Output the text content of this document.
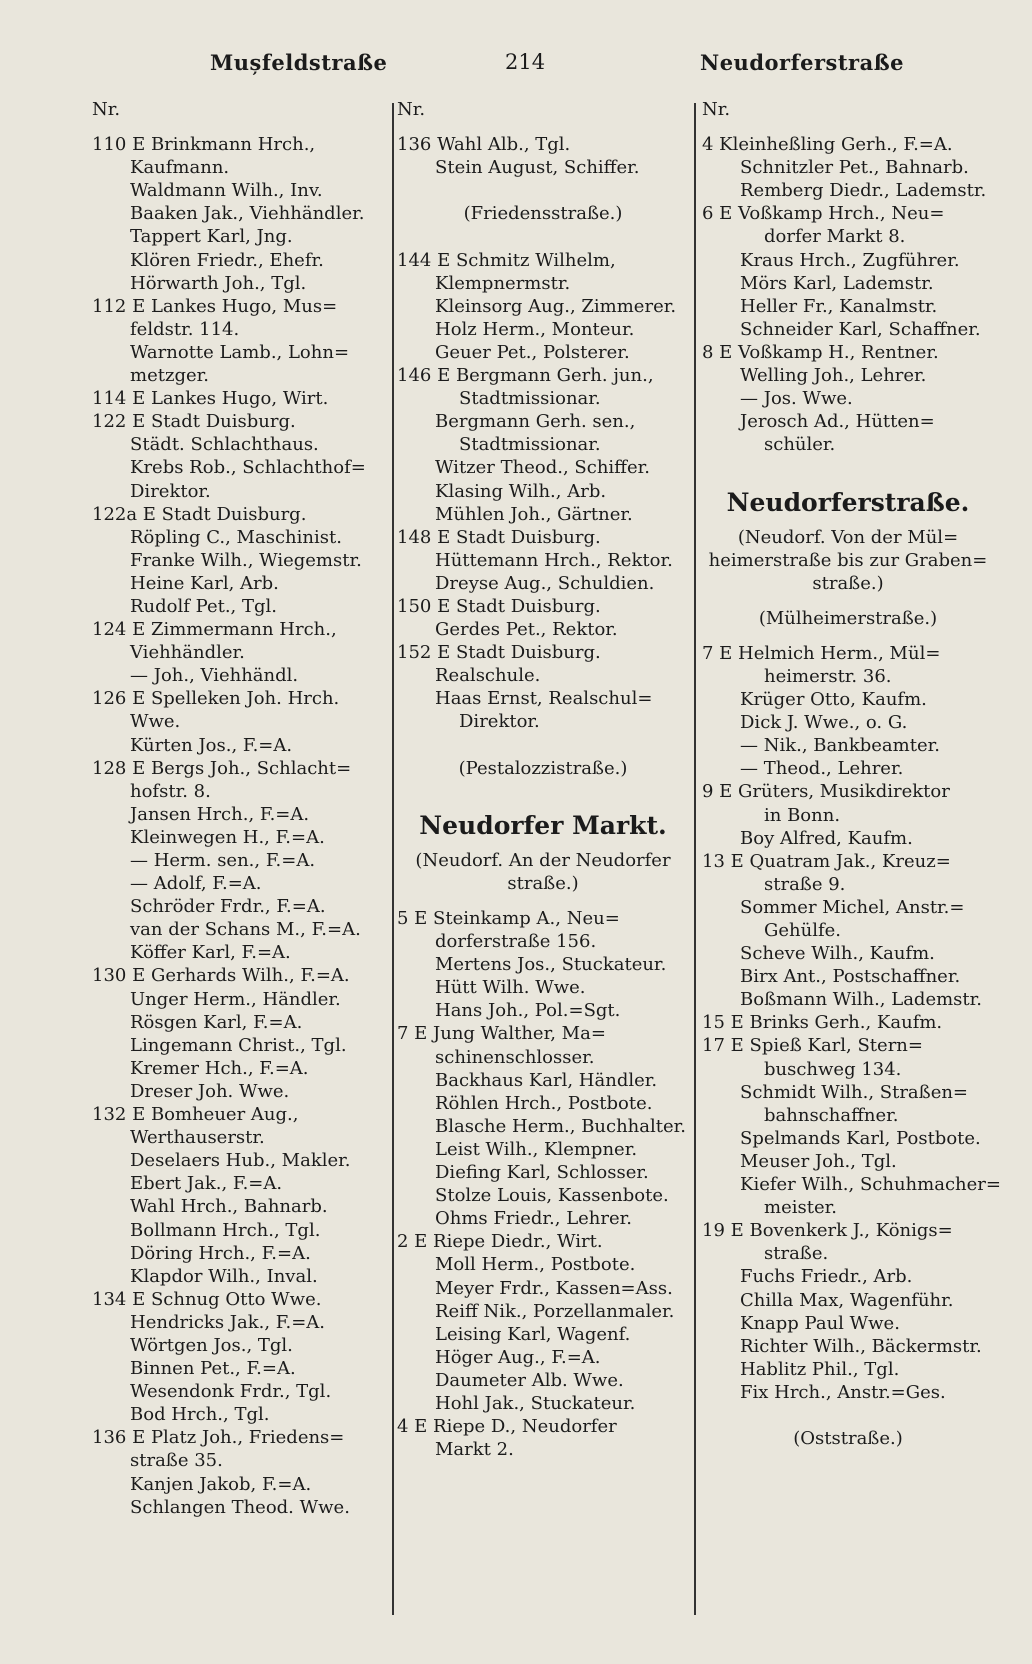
Mușfeldstraße	214	Neudorferstraße
Nr.
110 E Brinkmann Hrch.,
Kaufmann.
Waldmann Wilh., Inv.
Baaken Jak., Viehhändler.
Tappert Karl, Jng.
Klören Friedr., Ehefr.
Hörwarth Joh., Tgl.
112 E Lankes Hugo, Mus=
feldstr. 114.
Warnotte Lamb., Lohn=
metzger.
114 E Lankes Hugo, Wirt.
122 E Stadt Duisburg.
Städt. Schlachthaus.
Krebs Rob., Schlachthof=
Direktor.
122a E Stadt Duisburg.
Röpling C., Maschinist.
Franke Wilh., Wiegemstr.
Heine Karl, Arb.
Rudolf Pet., Tgl.
124 E Zimmermann Hrch.,
Viehhändler.
— Joh., Viehhändl.
126 E Spelleken Joh. Hrch.
Wwe.
Kürten Jos., F.=A.
128 E Bergs Joh., Schlacht=
hofstr. 8.
Jansen Hrch., F.=A.
Kleinwegen H., F.=A.
— Herm. sen., F.=A.
— Adolf, F.=A.
Schröder Frdr., F.=A.
van der Schans M., F.=A.
Köffer Karl, F.=A.
130 E Gerhards Wilh., F.=A.
Unger Herm., Händler.
Rösgen Karl, F.=A.
Lingemann Christ., Tgl.
Kremer Hch., F.=A.
Dreser Joh. Wwe.
132 E Bomheuer Aug.,
Werthauserstr.
Deselaers Hub., Makler.
Ebert Jak., F.=A.
Wahl Hrch., Bahnarb.
Bollmann Hrch., Tgl.
Döring Hrch., F.=A.
Klapdor Wilh., Inval.
134 E Schnug Otto Wwe.
Hendricks Jak., F.=A.
Wörtgen Jos., Tgl.
Binnen Pet., F.=A.
Wesendonk Frdr., Tgl.
Bod Hrch., Tgl.
136 E Platz Joh., Friedens=
straße 35.
Kanjen Jakob, F.=A.
Schlangen Theod. Wwe.
Nr.
136 Wahl Alb., Tgl.
Stein August, Schiffer.
(Friedensstraße.)
144 E Schmitz Wilhelm,
Klempnermstr.
Kleinsorg Aug., Zimmerer.
Holz Herm., Monteur.
Geuer Pet., Polsterer.
146 E Bergmann Gerh. jun.,
Stadtmissionar.
Bergmann Gerh. sen.,
Stadtmissionar.
Witzer Theod., Schiffer.
Klasing Wilh., Arb.
Mühlen Joh., Gärtner.
148 E Stadt Duisburg.
Hüttemann Hrch., Rektor.
Dreyse Aug., Schuldien.
150 E Stadt Duisburg.
Gerdes Pet., Rektor.
152 E Stadt Duisburg.
Realschule.
Haas Ernst, Realschul=
Direktor.
(Pestalozzistraße.)
Neudorfer Markt.
(Neudorf. An der Neudorfer
straße.)
5 E Steinkamp A., Neu=
dorferstraße 156.
Mertens Jos., Stuckateur.
Hütt Wilh. Wwe.
Hans Joh., Pol.=Sgt.
7 E Jung Walther, Ma=
schinenschlosser.
Backhaus Karl, Händler.
Röhlen Hrch., Postbote.
Blasche Herm., Buchhalter.
Leist Wilh., Klempner.
Diefing Karl, Schlosser.
Stolze Louis, Kassenbote.
Ohms Friedr., Lehrer.
2 E Riepe Diedr., Wirt.
Moll Herm., Postbote.
Meyer Frdr., Kassen=Ass.
Reiff Nik., Porzellanmaler.
Leising Karl, Wagenf.
Höger Aug., F.=A.
Daumeter Alb. Wwe.
Hohl Jak., Stuckateur.
4 E Riepe D., Neudorfer
Markt 2.
Nr.
4 Kleinheßling Gerh., F.=A.
Schnitzler Pet., Bahnarb.
Remberg Diedr., Lademstr.
6 E Voßkamp Hrch., Neu=
dorfer Markt 8.
Kraus Hrch., Zugführer.
Mörs Karl, Lademstr.
Heller Fr., Kanalmstr.
Schneider Karl, Schaffner.
8 E Voßkamp H., Rentner.
Welling Joh., Lehrer.
— Jos. Wwe.
Jerosch Ad., Hütten=
schüler.
Neudorferstraße.
(Neudorf. Von der Mül=
heimerstraße bis zur Graben=
straße.)
(Mülheimerstraße.)
7 E Helmich Herm., Mül=
heimerstr. 36.
Krüger Otto, Kaufm.
Dick J. Wwe., o. G.
— Nik., Bankbeamter.
— Theod., Lehrer.
9 E Grüters, Musikdirektor
in Bonn.
Boy Alfred, Kaufm.
13 E Quatram Jak., Kreuz=
straße 9.
Sommer Michel, Anstr.=
Gehülfe.
Scheve Wilh., Kaufm.
Birx Ant., Postschaffner.
Boßmann Wilh., Lademstr.
15 E Brinks Gerh., Kaufm.
17 E Spieß Karl, Stern=
buschweg 134.
Schmidt Wilh., Straßen=
bahnschaffner.
Spelmands Karl, Postbote.
Meuser Joh., Tgl.
Kiefer Wilh., Schuhmacher=
meister.
19 E Bovenkerk J., Königs=
straße.
Fuchs Friedr., Arb.
Chilla Max, Wagenführ.
Knapp Paul Wwe.
Richter Wilh., Bäckermstr.
Hablitz Phil., Tgl.
Fix Hrch., Anstr.=Ges.
(Oststraße.)
